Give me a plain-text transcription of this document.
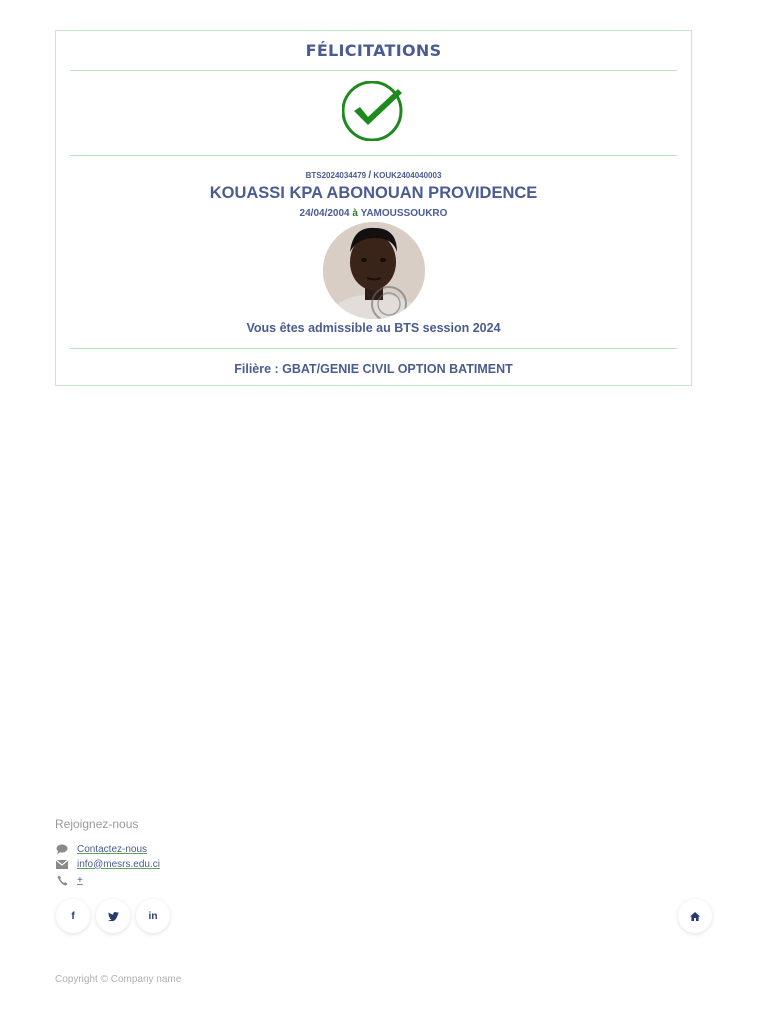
FÉLICITATIONS
BTS2024034479 / KOUK2404040003
KOUASSI KPA ABONOUAN PROVIDENCE
24/04/2004 à YAMOUSSOUKRO
Vous êtes admissible au BTS session 2024
Filière : GBAT/GENIE CIVIL OPTION BATIMENT
Rejoignez-nous
Contactez-nous
info@mesrs.edu.ci
+
f	in
Copyright © Company name
